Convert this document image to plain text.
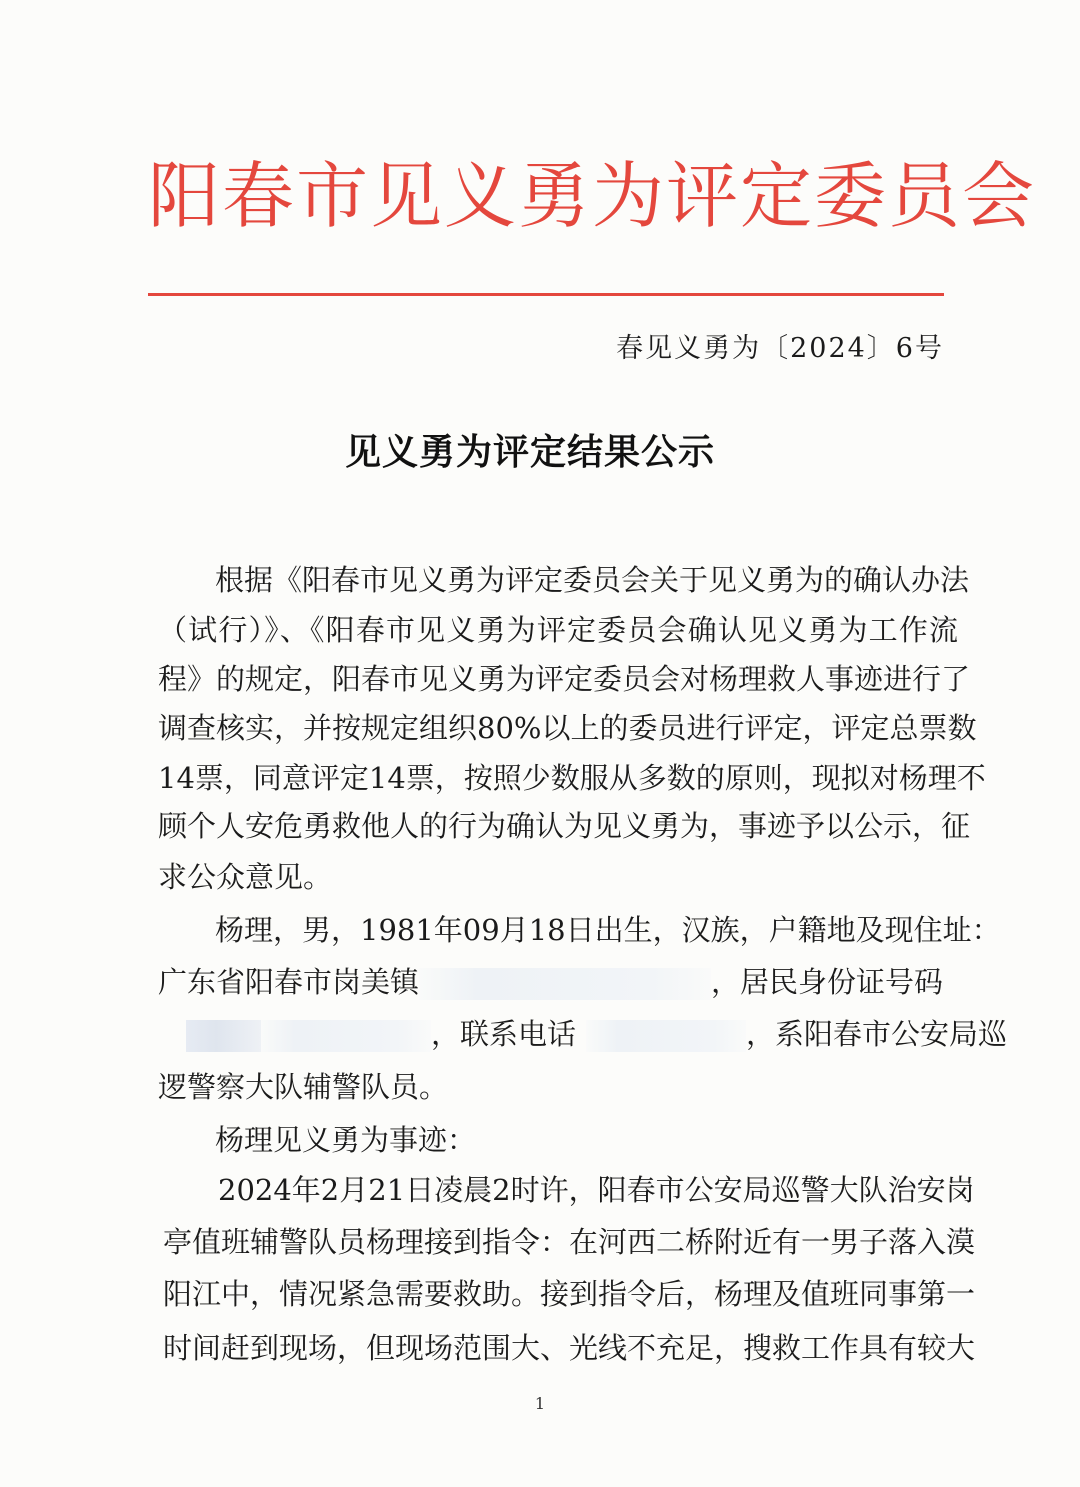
阳春市见义勇为评定委员会
春见义勇为〔2024〕6号
见义勇为评定结果公示
根据《阳春市见义勇为评定委员会关于见义勇为的确认办法
（试行）》、《阳春市见义勇为评定委员会确认见义勇为工作流
程》的规定，阳春市见义勇为评定委员会对杨理救人事迹进行了
调查核实，并按规定组织80%以上的委员进行评定，评定总票数
14票，同意评定14票，按照少数服从多数的原则，现拟对杨理不
顾个人安危勇救他人的行为确认为见义勇为，事迹予以公示，征
求公众意见。
杨理，男，1981年09月18日出生，汉族，户籍地及现住址：
广东省阳春市岗美镇	，居民身份证号码
，联系电话	，系阳春市公安局巡
逻警察大队辅警队员。
杨理见义勇为事迹：
2024年2月21日凌晨2时许，阳春市公安局巡警大队治安岗
亭值班辅警队员杨理接到指令：在河西二桥附近有一男子落入漠
阳江中，情况紧急需要救助。接到指令后，杨理及值班同事第一
时间赶到现场，但现场范围大、光线不充足，搜救工作具有较大
1
